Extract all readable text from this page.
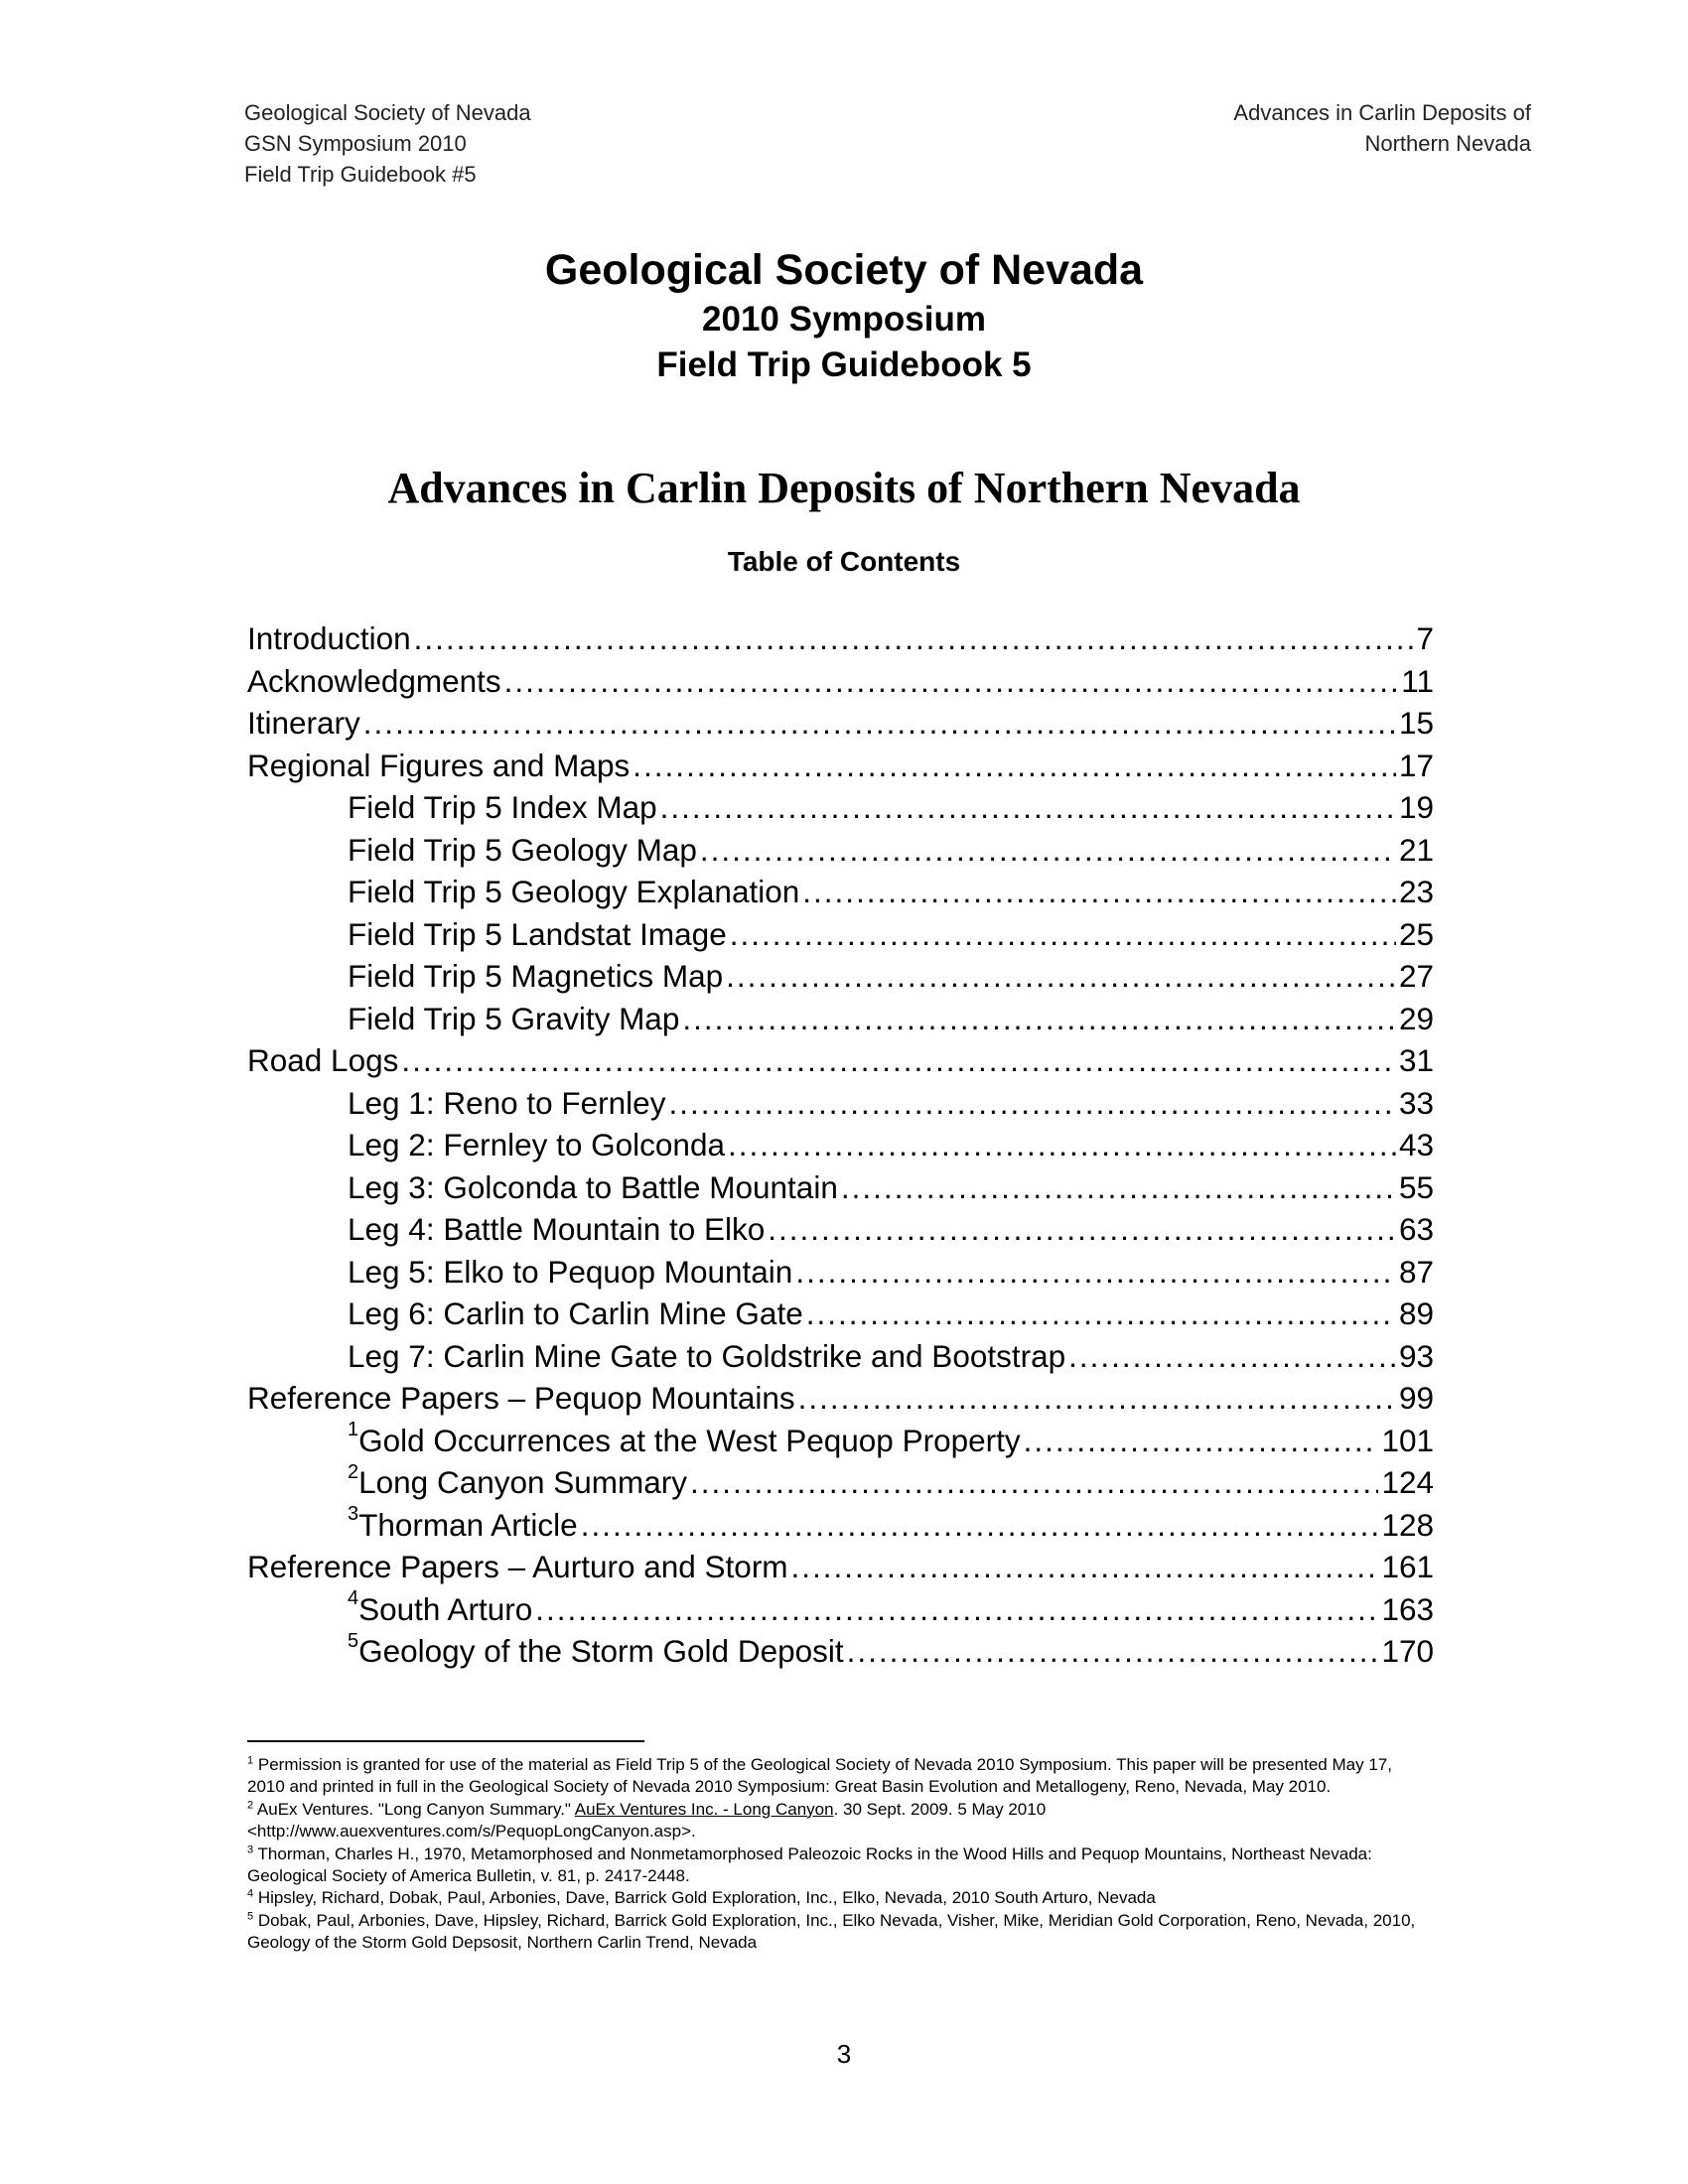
Geological Society of Nevada
GSN Symposium 2010
Field Trip Guidebook #5
Advances in Carlin Deposits of
Northern Nevada
Geological Society of Nevada
2010 Symposium
Field Trip Guidebook 5
Advances in Carlin Deposits of Northern Nevada
Table of Contents
Introduction .....	7
Acknowledgments .....	11
Itinerary .....	15
Regional Figures and Maps .....	17
Field Trip 5 Index Map .....	19
Field Trip 5 Geology Map .....	21
Field Trip 5 Geology Explanation .....	23
Field Trip 5 Landstat Image .....	25
Field Trip 5 Magnetics Map .....	27
Field Trip 5 Gravity Map .....	29
Road Logs .....	31
Leg 1: Reno to Fernley .....	33
Leg 2: Fernley to Golconda .....	43
Leg 3: Golconda to Battle Mountain .....	55
Leg 4: Battle Mountain to Elko .....	63
Leg 5: Elko to Pequop Mountain .....	87
Leg 6: Carlin to Carlin Mine Gate .....	89
Leg 7: Carlin Mine Gate to Goldstrike and Bootstrap .....	93
Reference Papers – Pequop Mountains .....	99
$^1$Gold Occurrences at the West Pequop Property .....	101
$^2$Long Canyon Summary .....	124
$^3$Thorman Article .....	128
Reference Papers – Aurturo and Storm .....	161
$^4$South Arturo .....	163
$^5$Geology of the Storm Gold Deposit .....	170
$^1$ Permission is granted for use of the material as Field Trip 5 of the Geological Society of Nevada 2010 Symposium. This paper will be presented May 17, 2010 and printed in full in the Geological Society of Nevada 2010 Symposium: Great Basin Evolution and Metallogeny, Reno, Nevada, May 2010.
$^2$ AuEx Ventures. "Long Canyon Summary." AuEx Ventures Inc. - Long Canyon. 30 Sept. 2009. 5 May 2010 <http://www.auexventures.com/s/PequopLongCanyon.asp>.
$^3$ Thorman, Charles H., 1970, Metamorphosed and Nonmetamorphosed Paleozoic Rocks in the Wood Hills and Pequop Mountains, Northeast Nevada: Geological Society of America Bulletin, v. 81, p. 2417-2448.
$^4$ Hipsley, Richard, Dobak, Paul, Arbonies, Dave, Barrick Gold Exploration, Inc., Elko, Nevada, 2010 South Arturo, Nevada
$^5$ Dobak, Paul, Arbonies, Dave, Hipsley, Richard, Barrick Gold Exploration, Inc., Elko Nevada, Visher, Mike, Meridian Gold Corporation, Reno, Nevada, 2010, Geology of the Storm Gold Depsosit, Northern Carlin Trend, Nevada
3
